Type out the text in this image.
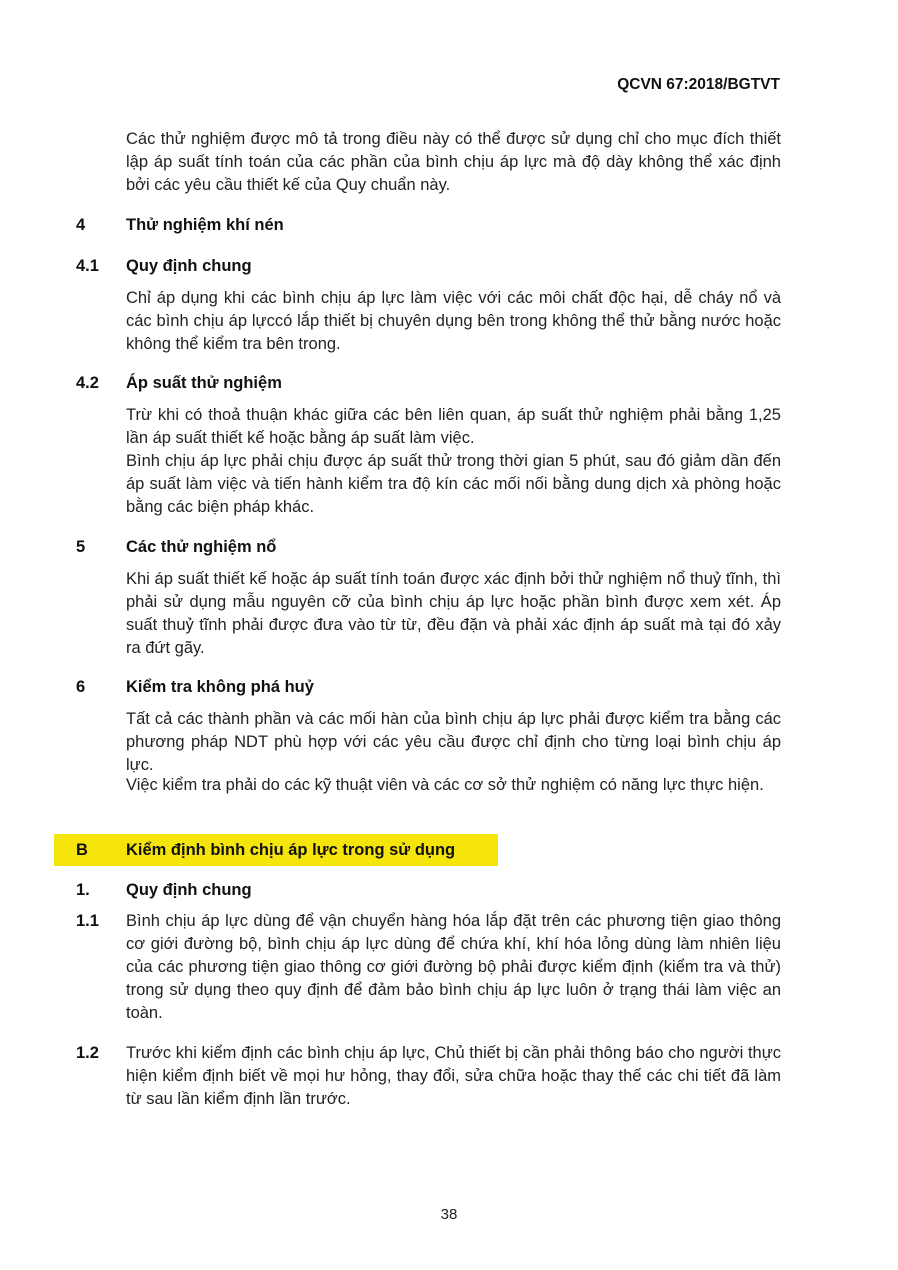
QCVN 67:2018/BGTVT
Các thử nghiệm được mô tả trong điều này có thể được sử dụng chỉ cho mục đích thiết lập áp suất tính toán của các phần của bình chịu áp lực mà độ dày không thể xác định bởi các yêu cầu thiết kế của Quy chuẩn này.
4 Thử nghiệm khí nén
4.1 Quy định chung
Chỉ áp dụng khi các bình chịu áp lực làm việc với các môi chất độc hại, dễ cháy nổ và các bình chịu áp lựccó lắp thiết bị chuyên dụng bên trong không thể thử bằng nước hoặc không thể kiểm tra bên trong.
4.2 Áp suất thử nghiệm
Trừ khi có thoả thuận khác giữa các bên liên quan, áp suất thử nghiệm phải bằng 1,25 lần áp suất thiết kế hoặc bằng áp suất làm việc.
Bình chịu áp lực phải chịu được áp suất thử trong thời gian 5 phút, sau đó giảm dần đến áp suất làm việc và tiến hành kiểm tra độ kín các mối nối bằng dung dịch xà phòng hoặc bằng các biện pháp khác.
5 Các thử nghiệm nổ
Khi áp suất thiết kế hoặc áp suất tính toán được xác định bởi thử nghiệm nổ thuỷ tĩnh, thì phải sử dụng mẫu nguyên cỡ của bình chịu áp lực hoặc phần bình được xem xét. Áp suất thuỷ tĩnh phải được đưa vào từ từ, đều đặn và phải xác định áp suất mà tại đó xảy ra đứt gãy.
6 Kiểm tra không phá huỷ
Tất cả các thành phần và các mối hàn của bình chịu áp lực phải được kiểm tra bằng các phương pháp NDT phù hợp với các yêu cầu được chỉ định cho từng loại bình chịu áp lực.
Việc kiểm tra phải do các kỹ thuật viên và các cơ sở thử nghiệm có năng lực thực hiện.
B Kiểm định bình chịu áp lực trong sử dụng
1. Quy định chung
1.1 Bình chịu áp lực dùng để vận chuyển hàng hóa lắp đặt trên các phương tiện giao thông cơ giới đường bộ, bình chịu áp lực dùng để chứa khí, khí hóa lỏng dùng làm nhiên liệu của các phương tiện giao thông cơ giới đường bộ phải được kiểm định (kiểm tra và thử) trong sử dụng theo quy định để đảm bảo bình chịu áp lực luôn ở trạng thái làm việc an toàn.
1.2 Trước khi kiểm định các bình chịu áp lực, Chủ thiết bị cần phải thông báo cho người thực hiện kiểm định biết về mọi hư hỏng, thay đổi, sửa chữa hoặc thay thế các chi tiết đã làm từ sau lần kiểm định lần trước.
38
